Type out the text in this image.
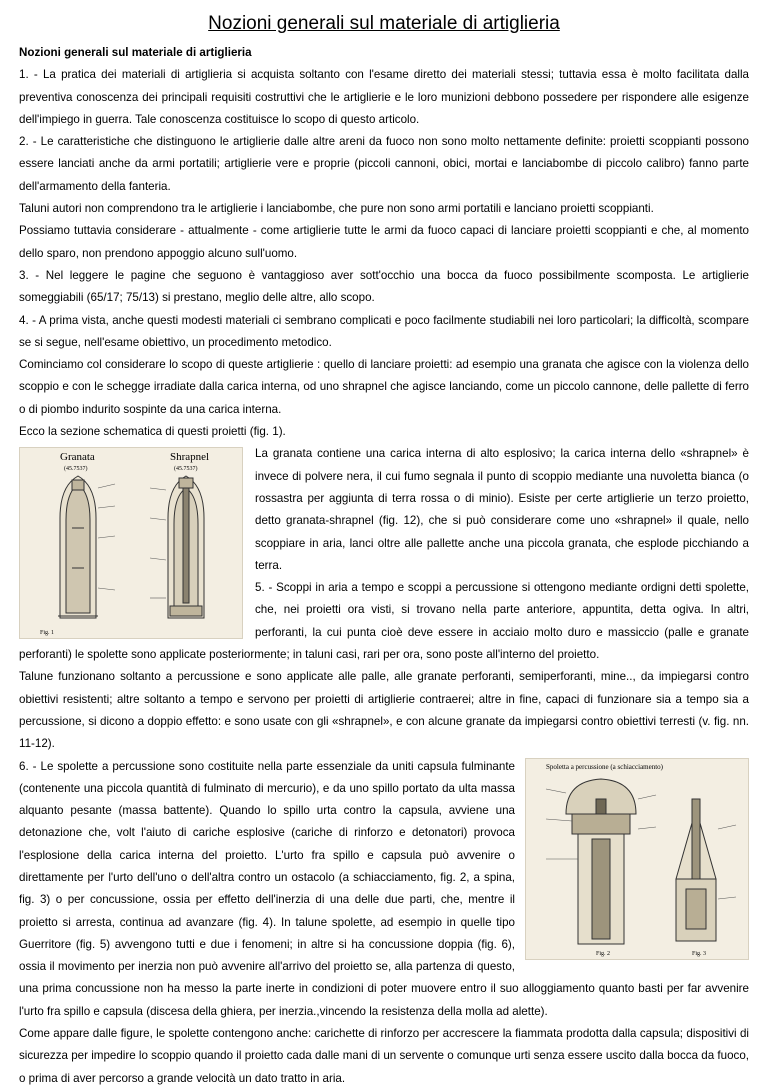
Nozioni generali sul materiale di artiglieria

Nozioni generali sul materiale di artiglieria

1. - La pratica dei materiali di artiglieria si acquista soltanto con l'esame diretto dei materiali stessi; tuttavia essa è molto facilitata dalla preventiva conoscenza dei principali requisiti costruttivi che le artiglierie e le loro munizioni debbono possedere per rispondere alle esigenze dell'impiego in guerra. Tale conoscenza costituisce lo scopo di questo articolo.

2. - Le caratteristiche che distinguono le artiglierie dalle altre areni da fuoco non sono molto nettamente definite: proietti scoppianti possono essere lanciati anche da armi portatili; artiglierie vere e proprie (piccoli cannoni, obici, mortai e lanciabombe di piccolo calibro) fanno parte dell'armamento della fanteria.

Taluni autori non comprendono tra le artiglierie i lanciabombe, che pure non sono armi portatili e lanciano proietti scoppianti.

Possiamo tuttavia considerare - attualmente - come artiglierie tutte le armi da fuoco capaci di lanciare proietti scoppianti e che, al momento dello sparo, non prendono appoggio alcuno sull'uomo.

3. - Nel leggere le pagine che seguono è vantaggioso aver sott'occhio una bocca da fuoco possibilmente scomposta. Le artiglierie someggiabili (65/17; 75/13) si prestano, meglio delle altre, allo scopo.

4. - A prima vista, anche questi modesti materiali ci sembrano complicati e poco facilmente studiabili nei loro particolari; la difficoltà, scompare se si segue, nell'esame obiettivo, un procedimento metodico.

Cominciamo col considerare lo scopo di queste artiglierie : quello di lanciare proietti: ad esempio una granata che agisce con la violenza dello scoppio e con le schegge irradiate dalla carica interna, od uno shrapnel che agisce lanciando, come un piccolo cannone, delle pallette di ferro o di piombo indurito sospinte da una carica interna.

Ecco la sezione schematica di questi proietti (fig. 1).

Granata
(45.7537)
Shrapnel
(45.7537)
Fig. 1

La granata contiene una carica interna di alto esplosivo; la carica interna dello «shrapnel» è invece di polvere nera, il cui fumo segnala il punto di scoppio mediante una nuvoletta bianca (o rossastra per aggiunta di terra rossa o di minio). Esiste per certe artiglierie un terzo proietto, detto granata-shrapnel (fig. 12), che si può considerare come uno «shrapnel» il quale, nello scoppiare in aria, lanci oltre alle pallette anche una piccola granata, che esplode picchiando a terra.

5. - Scoppi in aria a tempo e scoppi a percussione si ottengono mediante ordigni detti spolette, che, nei proietti ora visti, si trovano nella parte anteriore, appuntita, detta ogiva. In altri, perforanti, la cui punta cioè deve essere in acciaio molto duro e massiccio (palle e granate perforanti) le spolette sono applicate posteriormente; in taluni casi, rari per ora, sono poste all'interno del proietto.

Talune funzionano soltanto a percussione e sono applicate alle palle, alle granate perforanti, semiperforanti, mine.., da impiegarsi contro obiettivi resistenti; altre soltanto a tempo e servono per proietti di artiglierie contraerei; altre in fine, capaci di funzionare sia a tempo sia a percussione, si dicono a doppio effetto: e sono usate con gli «shrapnel», e con alcune granate da impiegarsi contro obiettivi terresti (v. fig. nn. 11-12).

Spoletta a percussione (a schiacciamento)
Fig. 2	Fig. 3

6. - Le spolette a percussione sono costituite nella parte essenziale da uniti capsula fulminante (contenente una piccola quantità di fulminato di mercurio), e da uno spillo portato da ulta massa alquanto pesante (massa battente). Quando lo spillo urta contro la capsula, avviene una detonazione che, volt l'aiuto di cariche esplosive (cariche di rinforzo e detonatori) provoca l'esplosione della carica interna del proietto. L'urto fra spillo e capsula può avvenire o direttamente per l'urto dell'uno o dell'altra contro un ostacolo (a schiacciamento, fig. 2, a spina, fig. 3) o per concussione, ossia per effetto dell'inerzia di una delle due parti, che, mentre il proietto si arresta, continua ad avanzare (fig. 4). In talune spolette, ad esempio in quelle tipo Guerritore (fig. 5) avvengono tutti e due i fenomeni; in altre si ha concussione doppia (fig. 6), ossia il movimento per inerzia non può avvenire all'arrivo del proietto se, alla partenza di questo, una prima concussione non ha messo la parte inerte in condizioni di poter muovere entro il suo alloggiamento quanto basti per far avvenire l'urto fra spillo e capsula (discesa della ghiera, per inerzia.,vincendo la resistenza della molla ad alette).

Come appare dalle figure, le spolette contengono anche: carichette di rinforzo per accrescere la fiammata prodotta dalla capsula; dispositivi di sicurezza per impedire lo scoppio quando il proietto cada dalle mani di un servente o comunque urti senza essere uscito dalla bocca da fuoco, o prima di aver percorso a grande velocità un dato tratto in aria.
